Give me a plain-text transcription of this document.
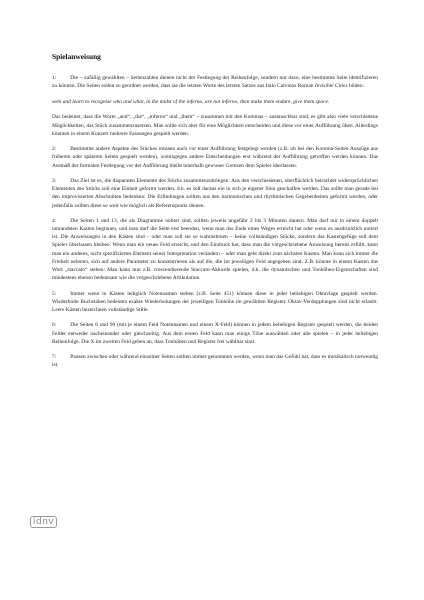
Spielanweisung

1:	Die – zufällig gewählten – Seitenzahlen dienen nicht der Festlegung der Reihenfolge, sondern nur dazu, eine bestimmte Seite identifizieren zu können. Die Seiten sollen so geordnet werden, dass sie die letzten Worte des letzten Satzes aus Italo Calvinos Roman Invisible Cities bilden:

seek and learn to recognise who and what, in the midst of the inferno, are not inferno, then make them endure, give them space.

Das bedeutet, dass die Worte „and“, „the“, „inferno“ und „them“ – zusammen mit den Kommas – austauschbar sind, es gibt also viele verschiedene Möglichkeiten, das Stück zusammenzusetzen. Man sollte sich aber für eine Möglichkeit entscheiden und diese vor einer Aufführung üben. Allerdings könnten in einem Konzert mehrere Fassungen gespielt werden.

2:	Bestimmte andere Aspekte des Stückes müssen auch vor einer Aufführung festgelegt werden (z.B. ob bei den Komma-Seiten Auszüge aus früheren oder späteren Seiten gespielt werden), wohingegen andere Entscheidungen erst während der Aufführung getroffen werden können. Das Ausmaß der formalen Festlegung vor der Aufführung bleibt innerhalb gewisser Grenzen dem Spieler überlassen.

3:	Das Ziel ist es, die disparaten Elemente des Stücks zusammenzubringen: Aus den verschiedenen, oberflächlich betrachtet widersprüchlichen Elementen des Stücks soll eine Einheit geformt werden, d.h. es soll daraus ein in sich je eigener Sinn geschaffen werden. Das sollte man gerade bei den improvisierten Abschnitten bedenken: Die Erfindungen sollten aus den harmonischen und rhythmischen Gegebenheiten geformt werden, oder jedenfalls sollten diese so weit wie möglich als Referenzpunkt dienen.

4:	Die Seiten 1 und 13, die als Diagramme notiert sind, sollten jeweils ungefähr 2 bis 3 Minuten dauern. Man darf nur in einem doppelt umrandeten Kasten beginnen, und man darf die Seite erst beenden, wenn man das Ende eines Weges erreicht hat oder wenn es ausdrücklich notiert ist. Die Anweisungen in den Kästen sind – oder man soll sie so wahrnehmen – keine vollständigen Stücke, sondern das Kastengefüge soll dem Spieler überlassen bleiben. Wenn man ein neues Feld erreicht, und den Eindruck hat, dass man die vorgeschriebene Anweisung bereits erfüllt, kann man ein anderes, nicht spezifiziertes Element seiner Interpretation verändern – oder man geht direkt zum nächsten Kasten. Man kann sich immer die Freiheit nehmen, sich auf andere Parameter zu konzentrieren als auf die, die im jeweiligen Feld angegeben sind. Z.B. könnte in einem Kasten das Wort „staccato“ stehen: Man kann nun z.B. crescendierende Staccato-Akkorde spielen, d.h. die dynamischen und Tonhöhen-Eigenschaften sind mindestens ebenso bedeutsam wie die vorgeschriebene Artikulation.

5:	Immer wenn in Kästen lediglich Notennamen stehen (z.B. Seite 451) können diese in jeder beliebigen Oktavlage gespielt werden. Wiederholte Buchstaben bedeuten exakte Wiederholungen der jeweiligen Tonhöhe im gewählten Register. Oktav-Verdopplungen sind nicht erlaubt. Leere Kästen bezeichnen vollständige Stille.

6:	Die Seiten 6 und 90 (mit je einem Feld Notennamen und einem X-Feld) können in jedem beliebigen Register gespielt werden, die beiden Felder entweder nacheinander oder gleichzeitig. Aus dem ersten Feld kann man einige Töne auswählen oder alle spielen – in jeder beliebigen Reihenfolge. Die X im zweiten Feld geben an, dass Tonhöhen und Register frei wählbar sind.

7:	Pausen zwischen oder während einzelner Seiten sollten immer genommen werden, wenn man das Gefühl hat, dass es musikalisch notwendig ist.

idnv
